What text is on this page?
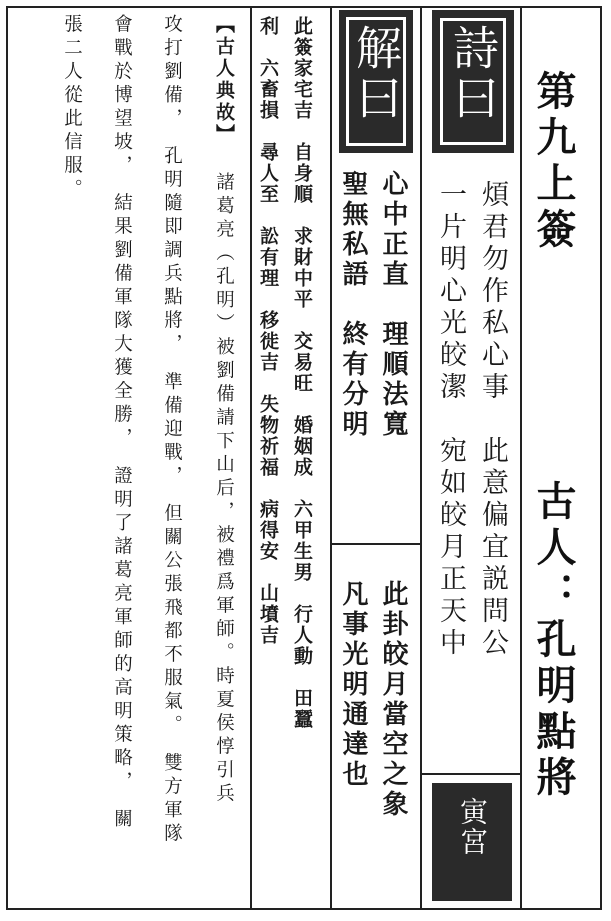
第九上簽
古人：孔明點將
詩曰
煩君勿作私心事　此意偏宜説問公
一片明心光皎潔　宛如皎月正天中
寅宮
解曰
心中正直　理順法寬
聖無私語　終有分明
此卦皎月當空之象
凡事光明通達也
此簽家宅吉　自身順　求財中平　交易旺　婚姻成　六甲生男　行人動　田蠶
利　六畜損　尋人至　訟有理　移徙吉　失物祈福　病得安　山墳吉
【古人典故】
諸葛亮（孔明）被劉備請下山后，被禮爲軍師。時夏侯惇引兵
攻打劉備，　孔明隨即調兵點將，　準備迎戰，　但關公張飛都不服氣。　雙方軍隊
會戰於博望坡，　結果劉備軍隊大獲全勝，　證明了諸葛亮軍師的高明策略，　關
張二人從此信服。
